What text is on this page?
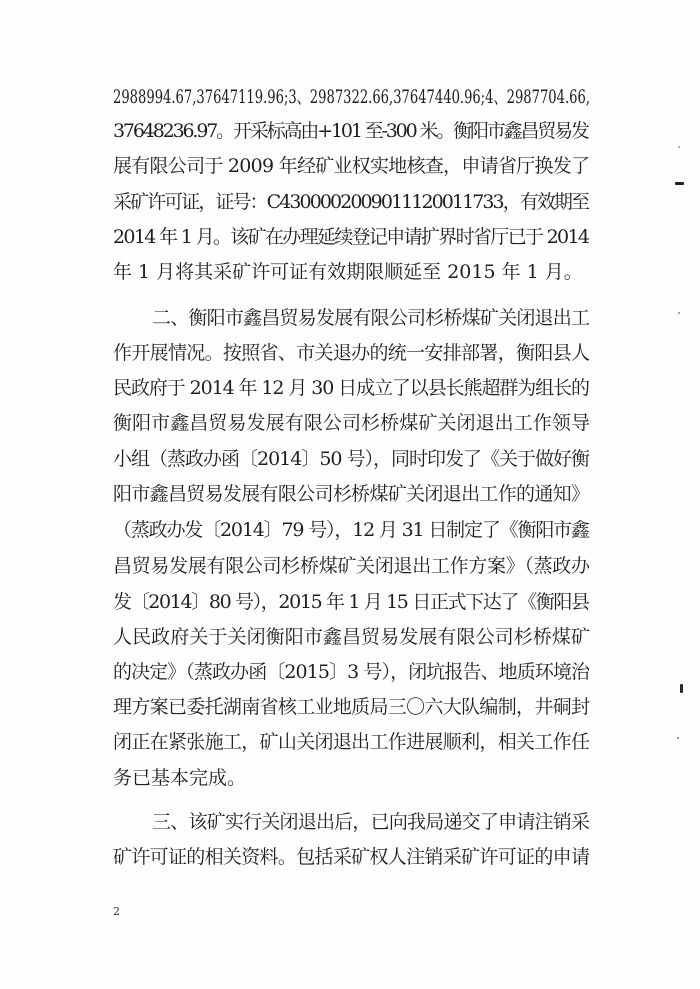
2988994.67,37647119.96;3、2987322.66,37647440.96;4、2987704.66,
37648236.97。开采标高由+101 至-300 米。衡阳市鑫昌贸易发
展有限公司于 2009 年经矿业权实地核查，申请省厅换发了
采矿许可证，证号：C4300002009011120011733，有效期至
2014 年 1 月。该矿在办理延续登记申请扩界时省厅已于 2014
年 1 月将其采矿许可证有效期限顺延至 2015 年 1 月。
二、衡阳市鑫昌贸易发展有限公司杉桥煤矿关闭退出工
作开展情况。按照省、市关退办的统一安排部署，衡阳县人
民政府于 2014 年 12 月 30 日成立了以县长熊超群为组长的
衡阳市鑫昌贸易发展有限公司杉桥煤矿关闭退出工作领导
小组（蒸政办函〔2014〕50 号），同时印发了《关于做好衡
阳市鑫昌贸易发展有限公司杉桥煤矿关闭退出工作的通知》
（蒸政办发〔2014〕79 号），12 月 31 日制定了《衡阳市鑫
昌贸易发展有限公司杉桥煤矿关闭退出工作方案》（蒸政办
发〔2014〕80 号），2015 年 1 月 15 日正式下达了《衡阳县
人民政府关于关闭衡阳市鑫昌贸易发展有限公司杉桥煤矿
的决定》（蒸政办函〔2015〕3 号），闭坑报告、地质环境治
理方案已委托湖南省核工业地质局三〇六大队编制，井硐封
闭正在紧张施工，矿山关闭退出工作进展顺利，相关工作任
务已基本完成。
三、该矿实行关闭退出后，已向我局递交了申请注销采
矿许可证的相关资料。包括采矿权人注销采矿许可证的申请
2
